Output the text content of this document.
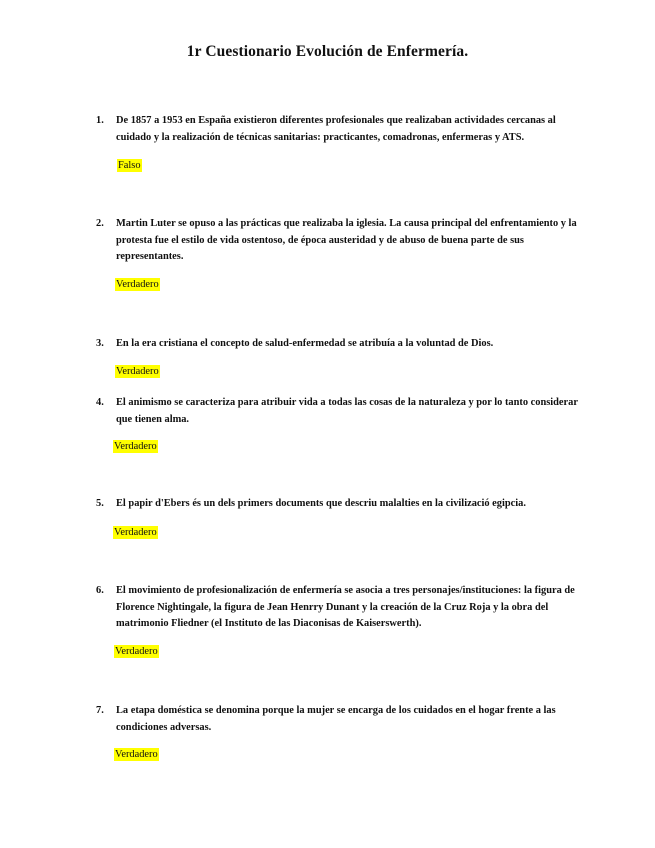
1r Cuestionario Evolución de Enfermería.
1.	De 1857 a 1953 en España existieron diferentes profesionales que realizaban actividades cercanas al cuidado y la realización de técnicas sanitarias: practicantes, comadronas, enfermeras y ATS.
Falso
2.	Martin Luter se opuso a las prácticas que realizaba la iglesia. La causa principal del enfrentamiento y la protesta fue el estilo de vida ostentoso, de época austeridad y de abuso de buena parte de sus representantes.
Verdadero
3.	En la era cristiana el concepto de salud-enfermedad se atribuía a la voluntad de Dios.
Verdadero
4.	El animismo se caracteriza para atribuir vida a todas las cosas de la naturaleza y por lo tanto considerar que tienen alma.
Verdadero
5.	El papir d'Ebers és un dels primers documents que descriu malalties en la civilizació egipcia.
Verdadero
6.	El movimiento de profesionalización de enfermería se asocia a tres personajes/instituciones: la figura de Florence Nightingale, la figura de Jean Henrry Dunant y la creación de la Cruz Roja y la obra del matrimonio Fliedner (el Instituto de las Diaconisas de Kaiserswerth).
Verdadero
7.	La etapa doméstica se denomina porque la mujer se encarga de los cuidados en el hogar frente a las condiciones adversas.
Verdadero
